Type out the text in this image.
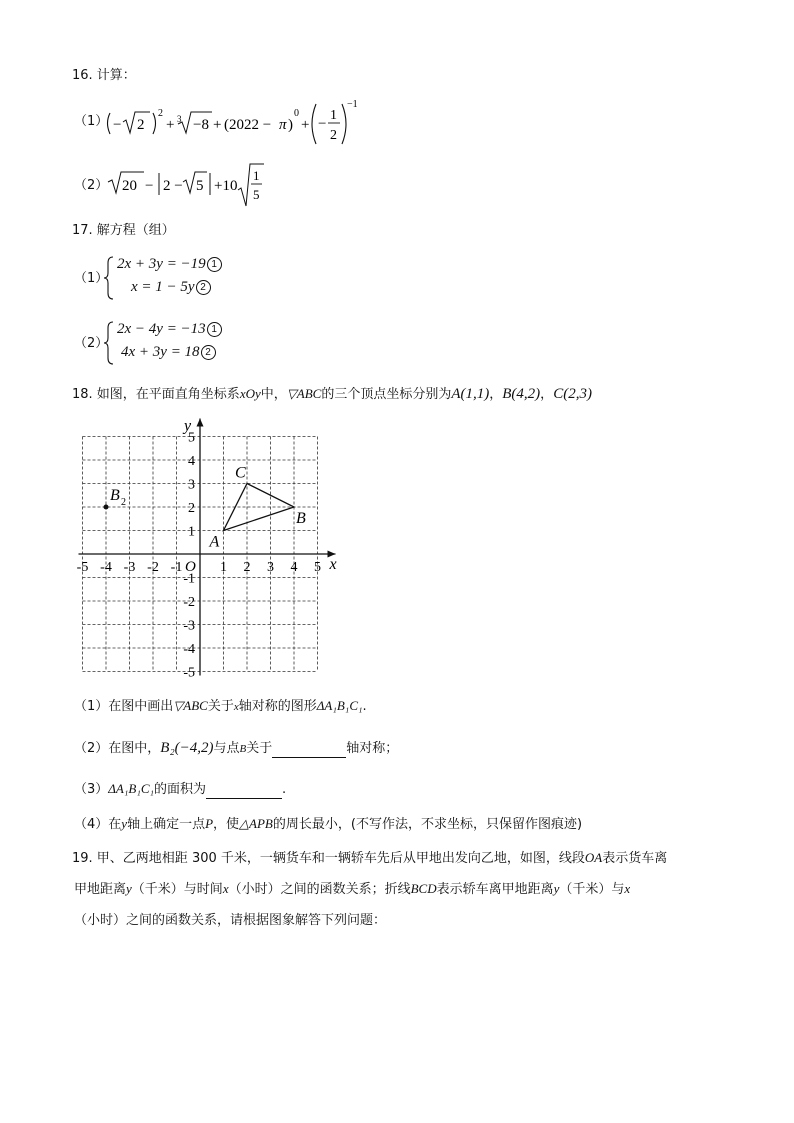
16. 计算：
（1） − 2
2
+ 3 −8 + (2022 − π )
0
+ −
1
2
−1
（2） 20 − 2 − 5 +10
1
5
17. 解方程（组）
（1）
2x + 3y = −19 1
x = 1 − 5y 2
（2）
2x − 4y = −13 1
4x + 3y = 18 2
18. 如图，在平面直角坐标系xOy中，▽ABC的三个顶点坐标分别为A(1,1)，B(4,2)，C(2,3)
x
y
O
-5 -4 -3 -2 -1	1 2 3 4 5
5
4
3
2
1
-1
-2
-3
-4
-5
A
B
C
B 2
（1）在图中画出▽ABC关于x轴对称的图形ΔA₁B₁C₁.
（2）在图中，B₂(−4,2)与点B关于	轴对称；
（3）ΔA₁B₁C₁的面积为	.
（4）在y轴上确定一点P，使△APB的周长最小，(不写作法，不求坐标，只保留作图痕迹)
19. 甲、乙两地相距 300 千米，一辆货车和一辆轿车先后从甲地出发向乙地，如图，线段OA表示货车离
甲地距离y（千米）与时间x（小时）之间的函数关系；折线BCD表示轿车离甲地距离y（千米）与x
（小时）之间的函数关系，请根据图象解答下列问题：
